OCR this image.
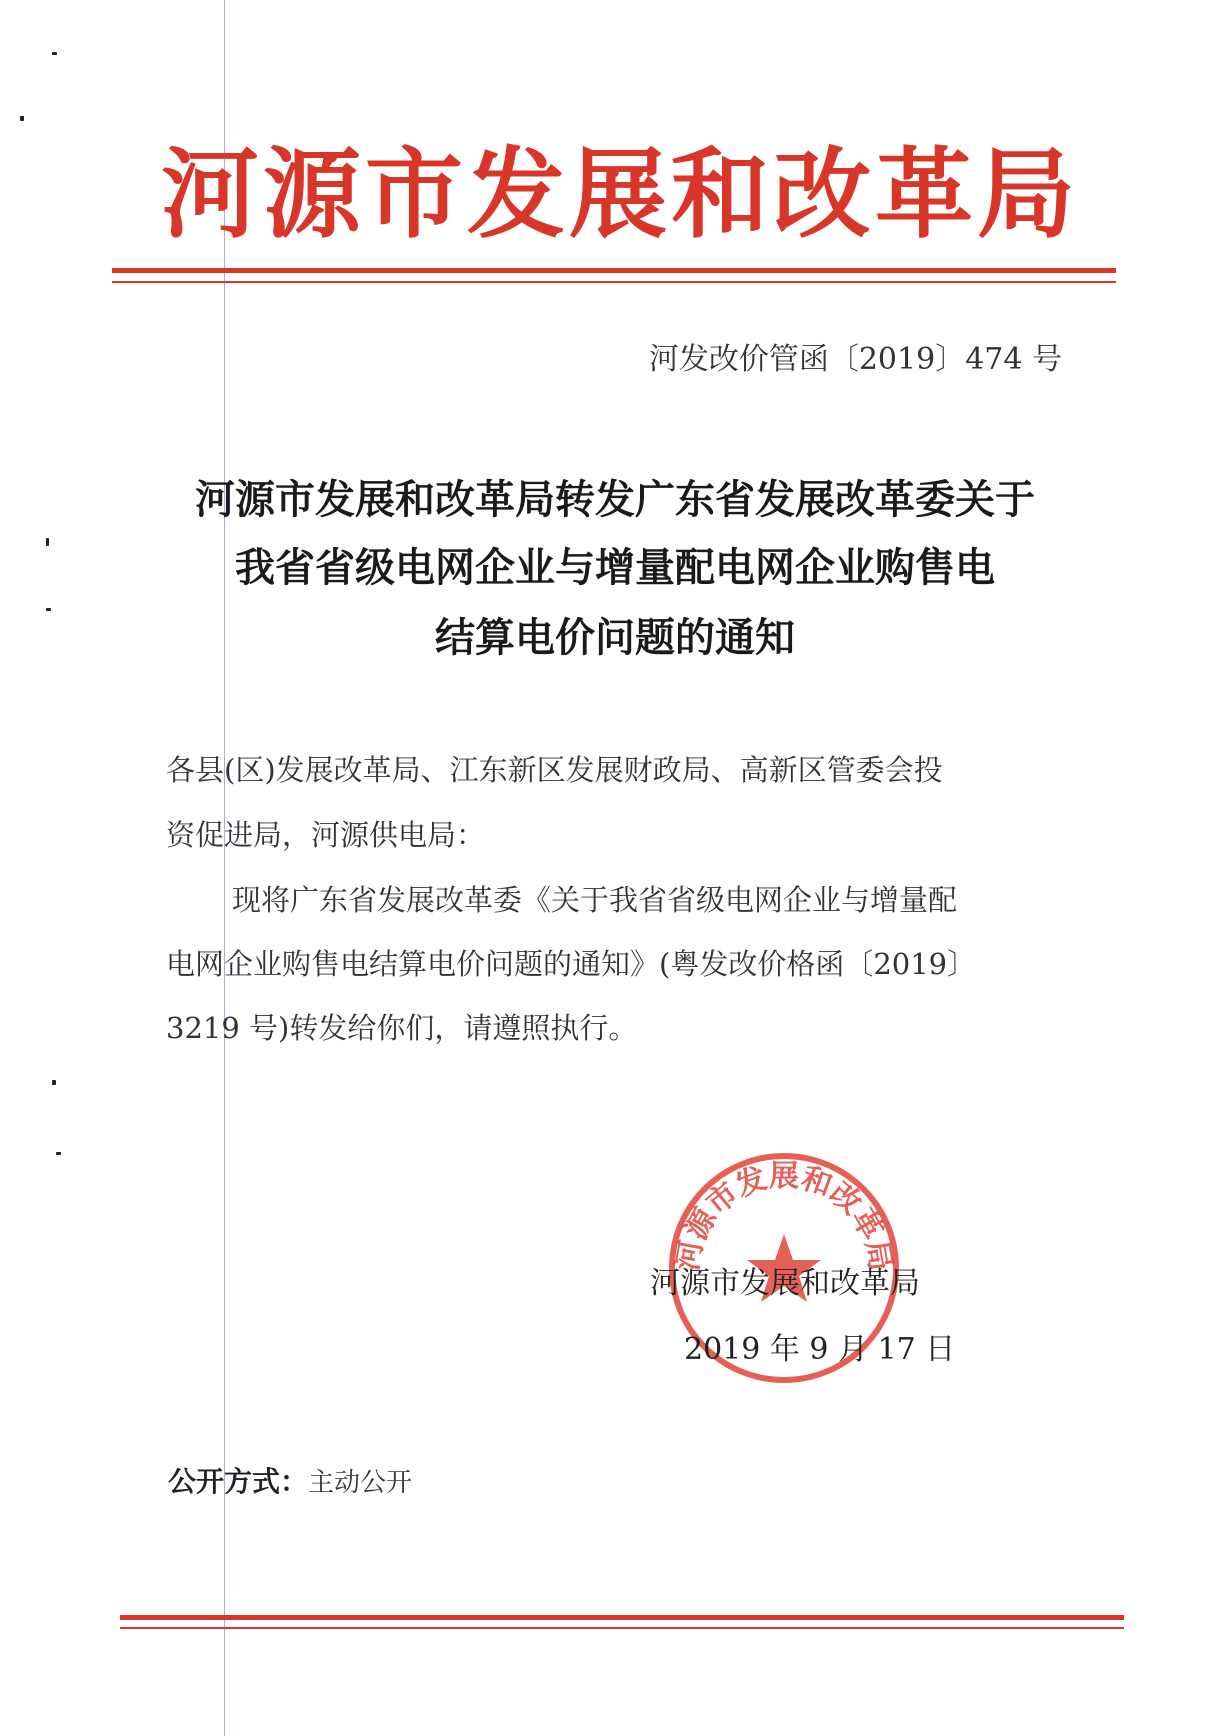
河源市发展和改革局
河发改价管函〔2019〕474 号
河源市发展和改革局转发广东省发展改革委关于
我省省级电网企业与增量配电网企业购售电
结算电价问题的通知
各县(区)发展改革局、江东新区发展财政局、高新区管委会投
资促进局，河源供电局：
现将广东省发展改革委《关于我省省级电网企业与增量配
电网企业购售电结算电价问题的通知》(粤发改价格函〔2019〕
3219 号)转发给你们，请遵照执行。
河源市发展和改革局
河源市发展和改革局
2019 年 9 月 17 日
公开方式：主动公开
